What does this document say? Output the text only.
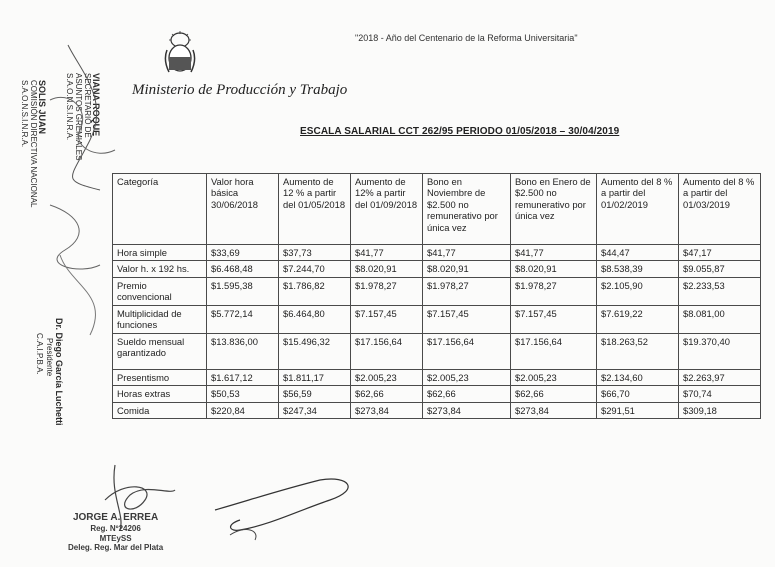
"2018 - Año del Centenario de la Reforma Universitaria"
Ministerio de Producción y Trabajo
ESCALA SALARIAL CCT 262/95 PERIODO 01/05/2018 – 30/04/2019
VIANA ROQUE
SECRETARIO DE
ASUNTOS GREMIALES
S.A.O.N.S.I.N.R.A.
SOLIS JUAN
COMISIÓN DIRECTIVA NACIONAL
S.A.O.N.S.I.N.R.A.
Dr. Diego García Luchetti
Presidente
C.A.I.P.B.A.
Categoría	Valor hora básica 30/06/2018	Aumento de 12 % a partir del 01/05/2018	Aumento de 12% a partir del 01/09/2018	Bono en Noviembre de $2.500 no remunerativo por única vez	Bono en Enero de $2.500 no remunerativo por única vez	Aumento del 8 % a partir del 01/02/2019	Aumento del 8 % a partir del 01/03/2019
Hora simple	$33,69	$37,73	$41,77	$41,77	$41,77	$44,47	$47,17
Valor h. x 192 hs.	$6.468,48	$7.244,70	$8.020,91	$8.020,91	$8.020,91	$8.538,39	$9.055,87
Premio convencional	$1.595,38	$1.786,82	$1.978,27	$1.978,27	$1.978,27	$2.105,90	$2.233,53
Multiplicidad de funciones	$5.772,14	$6.464,80	$7.157,45	$7.157,45	$7.157,45	$7.619,22	$8.081,00
Sueldo mensual garantizado	$13.836,00	$15.496,32	$17.156,64	$17.156,64	$17.156,64	$18.263,52	$19.370,40
Presentismo	$1.617,12	$1.811,17	$2.005,23	$2.005,23	$2.005,23	$2.134,60	$2.263,97
Horas extras	$50,53	$56,59	$62,66	$62,66	$62,66	$66,70	$70,74
Comida	$220,84	$247,34	$273,84	$273,84	$273,84	$291,51	$309,18
JORGE A. ERREA
Reg. Nº24206
MTEySS
Deleg. Reg. Mar del Plata
